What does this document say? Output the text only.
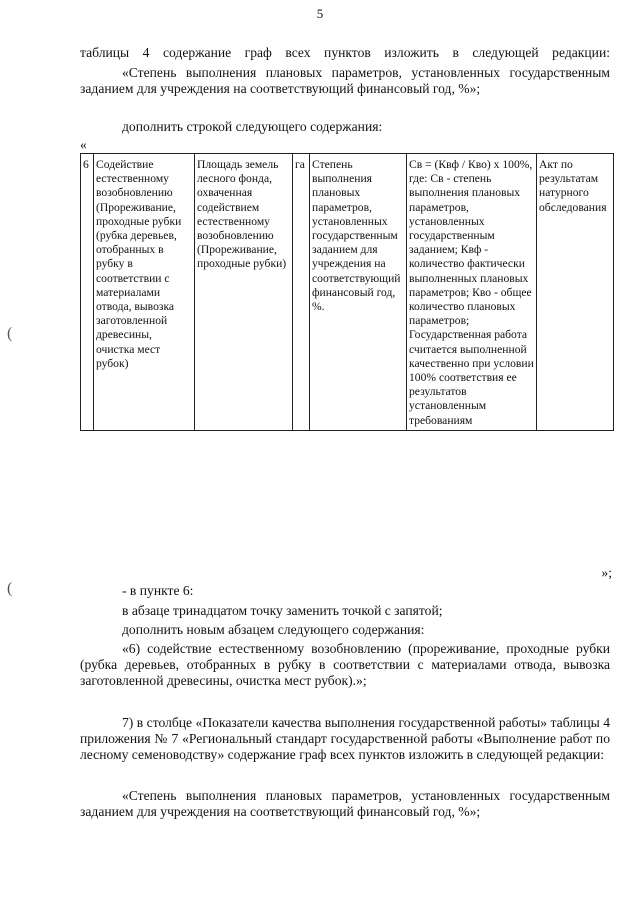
5
таблицы 4 содержание граф всех пунктов изложить в следующей редакции:
«Степень выполнения плановых параметров, установленных государственным заданием для учреждения на соответствующий финансовый год, %»;
дополнить строкой следующего содержания:
«
6	Содействие естественному возобновлению (Прореживание, проходные рубки (рубка деревьев, отобранных в рубку в соответствии с материалами отвода, вывозка заготовленной древесины, очистка мест рубок)	Площадь земель лесного фонда, охваченная содействием естественному возобновлению (Прореживание, проходные рубки)	га	Степень выполнения плановых параметров, установленных государственным заданием для учреждения на соответствующий финансовый год, %.	Св = (Квф / Кво) х 100%, где: Св - степень выполнения плановых параметров, установленных государственным заданием; Квф - количество фактически выполненных плановых параметров; Кво - общее количество плановых параметров; Государственная работа считается выполненной качественно при условии 100% соответствия ее результатов установленным требованиям	Акт по результатам натурного обследования
»;
- в пункте 6:
в абзаце тринадцатом точку заменить точкой с запятой;
дополнить новым абзацем следующего содержания:
«6) содействие естественному возобновлению (прореживание, проходные рубки (рубка деревьев, отобранных в рубку в соответствии с материалами отвода, вывозка заготовленной древесины, очистка мест рубок).»;
7) в столбце «Показатели качества выполнения государственной работы» таблицы 4 приложения № 7 «Региональный стандарт государственной работы «Выполнение работ по лесному семеноводству» содержание граф всех пунктов изложить в следующей редакции:
«Степень выполнения плановых параметров, установленных государственным заданием для учреждения на соответствующий финансовый год, %»;
(
(
